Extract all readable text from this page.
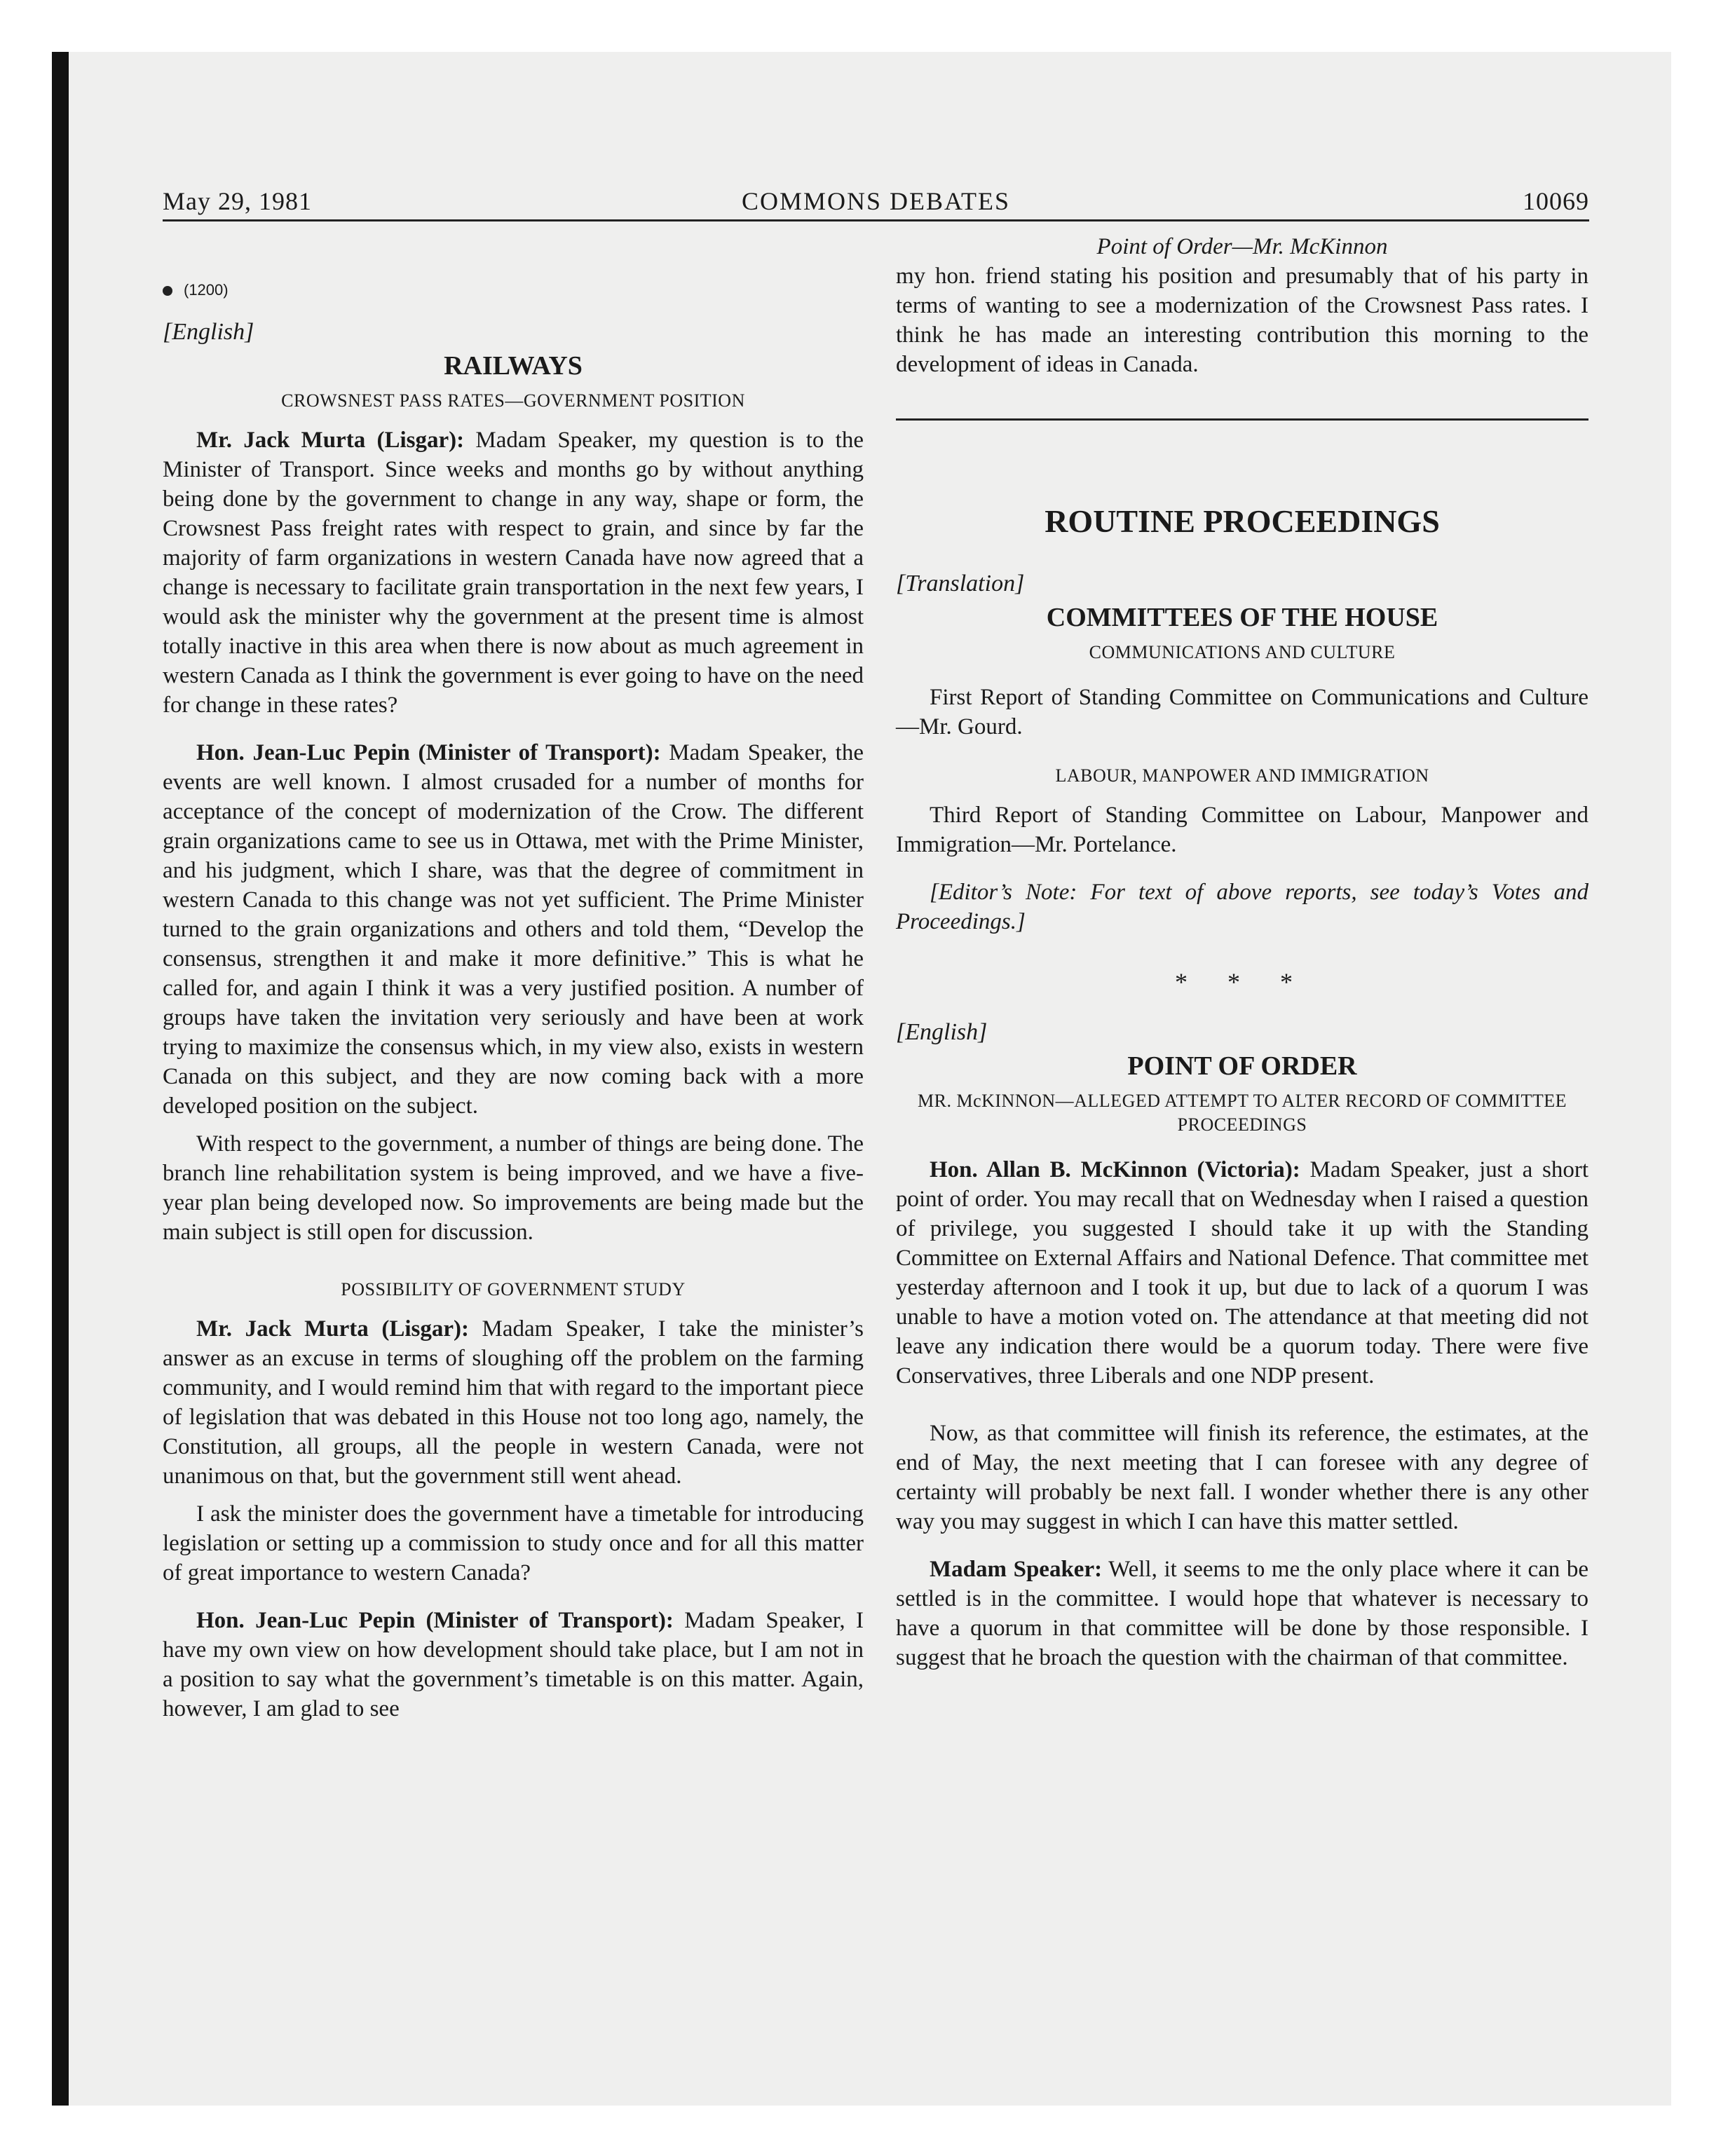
May 29, 1981	COMMONS DEBATES	10069
(1200)
[English]
RAILWAYS
CROWSNEST PASS RATES—GOVERNMENT POSITION

Mr. Jack Murta (Lisgar): Madam Speaker, my question is to the Minister of Transport. Since weeks and months go by without anything being done by the government to change in any way, shape or form, the Crowsnest Pass freight rates with respect to grain, and since by far the majority of farm organizations in western Canada have now agreed that a change is necessary to facilitate grain transportation in the next few years, I would ask the minister why the government at the present time is almost totally inactive in this area when there is now about as much agreement in western Canada as I think the government is ever going to have on the need for change in these rates?

Hon. Jean-Luc Pepin (Minister of Transport): Madam Speaker, the events are well known. I almost crusaded for a number of months for acceptance of the concept of modernization of the Crow. The different grain organizations came to see us in Ottawa, met with the Prime Minister, and his judgment, which I share, was that the degree of commitment in western Canada to this change was not yet sufficient. The Prime Minister turned to the grain organizations and others and told them, “Develop the consensus, strengthen it and make it more definitive.” This is what he called for, and again I think it was a very justified position. A number of groups have taken the invitation very seriously and have been at work trying to maximize the consensus which, in my view also, exists in western Canada on this subject, and they are now coming back with a more developed position on the subject.

With respect to the government, a number of things are being done. The branch line rehabilitation system is being improved, and we have a five-year plan being developed now. So improvements are being made but the main subject is still open for discussion.

POSSIBILITY OF GOVERNMENT STUDY

Mr. Jack Murta (Lisgar): Madam Speaker, I take the minister’s answer as an excuse in terms of sloughing off the problem on the farming community, and I would remind him that with regard to the important piece of legislation that was debated in this House not too long ago, namely, the Constitution, all groups, all the people in western Canada, were not unanimous on that, but the government still went ahead.

I ask the minister does the government have a timetable for introducing legislation or setting up a commission to study once and for all this matter of great importance to western Canada?

Hon. Jean-Luc Pepin (Minister of Transport): Madam Speaker, I have my own view on how development should take place, but I am not in a position to say what the government’s timetable is on this matter. Again, however, I am glad to see

Point of Order—Mr. McKinnon

my hon. friend stating his position and presumably that of his party in terms of wanting to see a modernization of the Crowsnest Pass rates. I think he has made an interesting contribution this morning to the development of ideas in Canada.

ROUTINE PROCEEDINGS
[Translation]
COMMITTEES OF THE HOUSE
COMMUNICATIONS AND CULTURE

First Report of Standing Committee on Communications and Culture—Mr. Gourd.

LABOUR, MANPOWER AND IMMIGRATION

Third Report of Standing Committee on Labour, Manpower and Immigration—Mr. Portelance.

[Editor’s Note: For text of above reports, see today’s Votes and Proceedings.]

* * *
[English]
POINT OF ORDER
MR. McKINNON—ALLEGED ATTEMPT TO ALTER RECORD OF COMMITTEE PROCEEDINGS

Hon. Allan B. McKinnon (Victoria): Madam Speaker, just a short point of order. You may recall that on Wednesday when I raised a question of privilege, you suggested I should take it up with the Standing Committee on External Affairs and National Defence. That committee met yesterday afternoon and I took it up, but due to lack of a quorum I was unable to have a motion voted on. The attendance at that meeting did not leave any indication there would be a quorum today. There were five Conservatives, three Liberals and one NDP present.

Now, as that committee will finish its reference, the estimates, at the end of May, the next meeting that I can foresee with any degree of certainty will probably be next fall. I wonder whether there is any other way you may suggest in which I can have this matter settled.

Madam Speaker: Well, it seems to me the only place where it can be settled is in the committee. I would hope that whatever is necessary to have a quorum in that committee will be done by those responsible. I suggest that he broach the question with the chairman of that committee.
